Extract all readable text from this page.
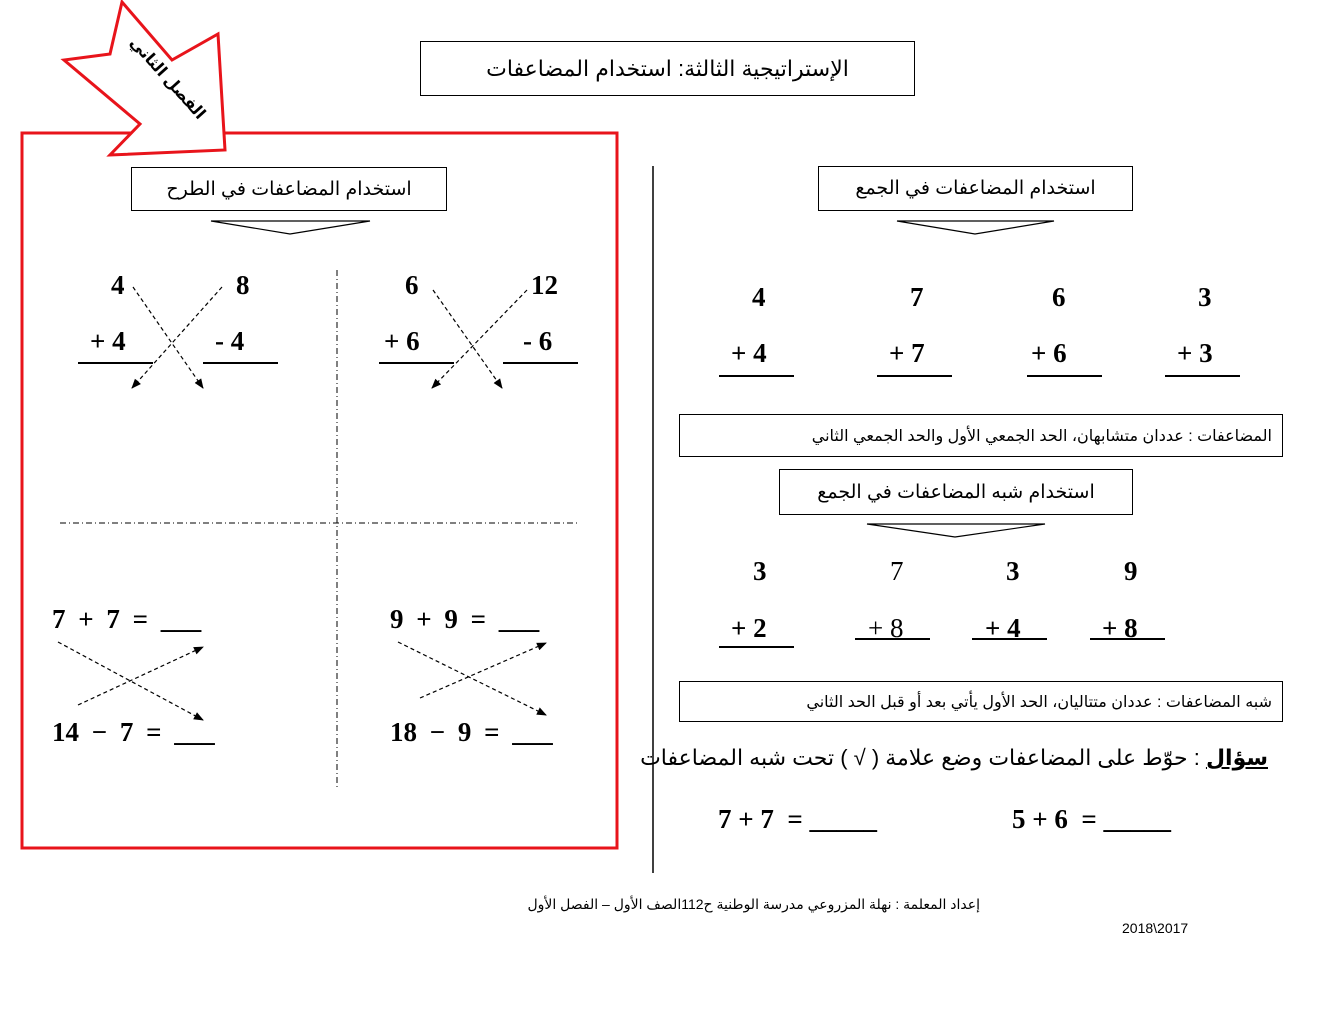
الفصل الثاني	الإستراتيجية الثالثة: استخدام المضاعفات
استخدام المضاعفات في الطرح
4	8
+ 4	- 4
6	12
+ 6	- 6
7 + 7 = ___
14 − 7 = ___
9 + 9 = ___
18 − 9 = ___
استخدام المضاعفات في الجمع
4	7	6	3
+ 4	+ 7	+ 6	+ 3
المضاعفات : عددان متشابهان، الحد الجمعي الأول والحد الجمعي الثاني
استخدام شبه المضاعفات في الجمع
3	7	3	9
+ 2	+ 8	+ 4	+ 8
شبه المضاعفات : عددان متتاليان، الحد الأول يأتي بعد أو قبل الحد الثاني
سؤال : حوّط على المضاعفات وضع علامة ( √ ) تحت شبه المضاعفات
7 + 7  = _____	5 + 6  = _____
إعداد المعلمة : نهلة المزروعي مدرسة الوطنية ح112الصف الأول – الفصل الأول
2018\2017
